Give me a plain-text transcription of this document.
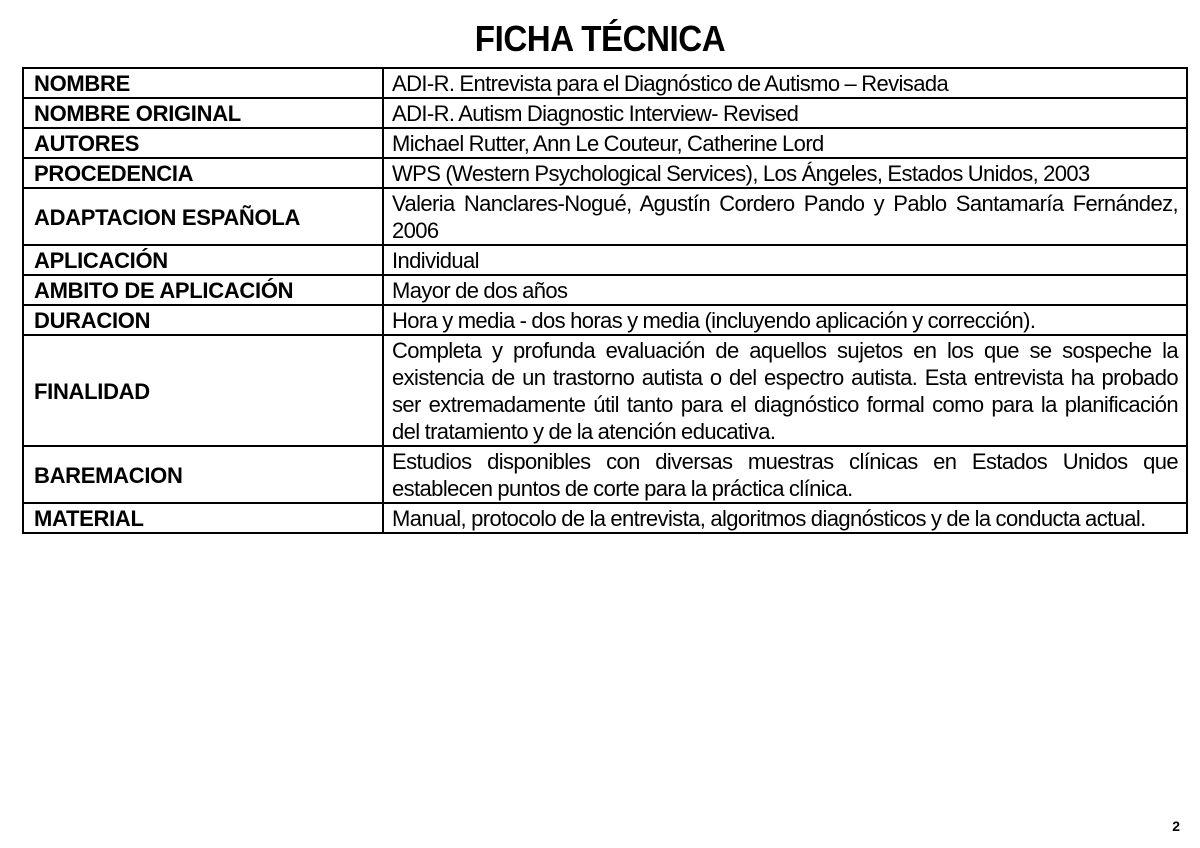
FICHA TÉCNICA
NOMBRE	ADI-R. Entrevista para el Diagnóstico de Autismo – Revisada
NOMBRE ORIGINAL	ADI-R. Autism Diagnostic Interview- Revised
AUTORES	Michael Rutter, Ann Le Couteur, Catherine Lord
PROCEDENCIA	WPS (Western Psychological Services), Los Ángeles, Estados Unidos, 2003
ADAPTACION ESPAÑOLA	Valeria Nanclares-Nogué, Agustín Cordero Pando y Pablo Santamaría Fernández, 2006
APLICACIÓN	Individual
AMBITO DE APLICACIÓN	Mayor de dos años
DURACION	Hora y media - dos horas y media (incluyendo aplicación y corrección).
FINALIDAD	Completa y profunda evaluación de aquellos sujetos en los que se sospeche la existencia de un trastorno autista o del espectro autista. Esta entrevista ha probado ser extremadamente útil tanto para el diagnóstico formal como para la planificación del tratamiento y de la atención educativa.
BAREMACION	Estudios disponibles con diversas muestras clínicas en Estados Unidos que establecen puntos de corte para la práctica clínica.
MATERIAL	Manual, protocolo de la entrevista, algoritmos diagnósticos y de la conducta actual.
2
